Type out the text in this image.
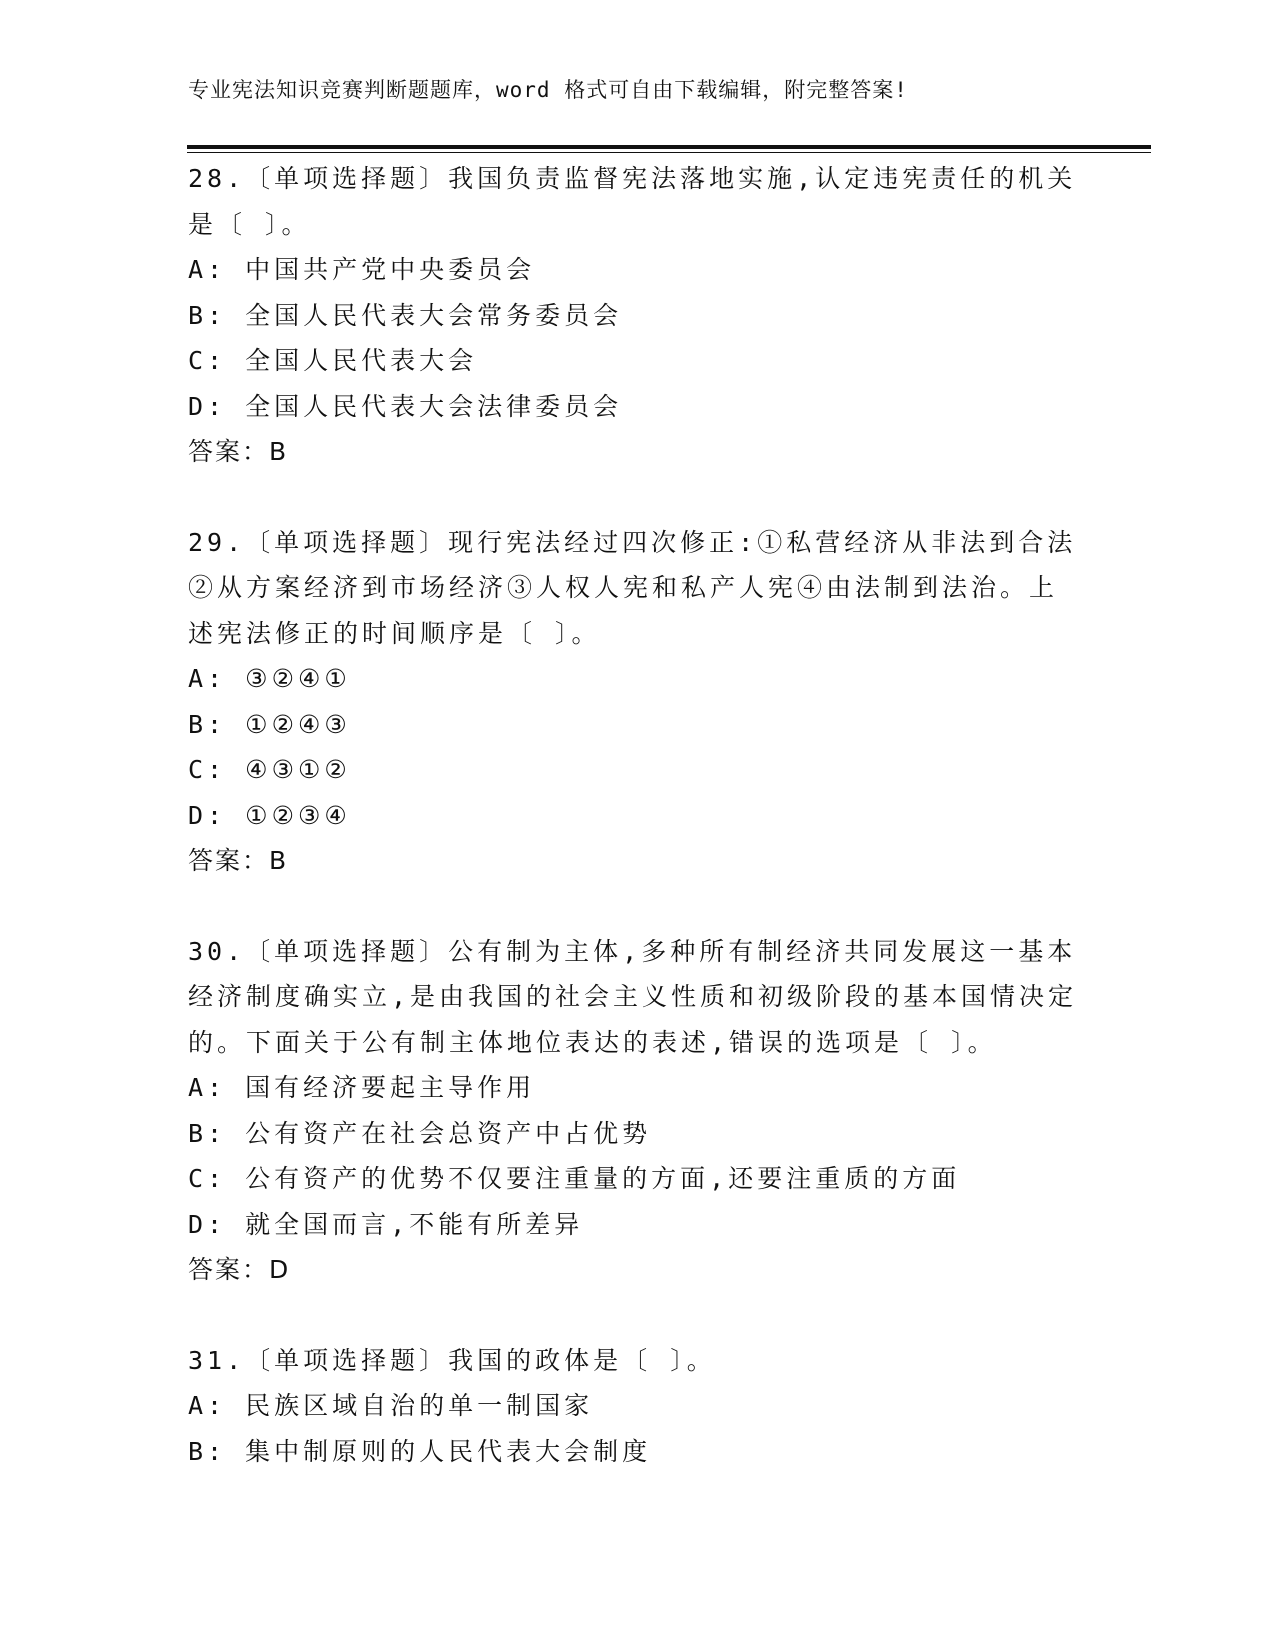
专业宪法知识竞赛判断题题库，word 格式可自由下载编辑，附完整答案!
28.〔单项选择题〕我国负责监督宪法落地实施,认定违宪责任的机关
是〔 〕。
A: 中国共产党中央委员会
B: 全国人民代表大会常务委员会
C: 全国人民代表大会
D: 全国人民代表大会法律委员会
答案：B
29.〔单项选择题〕现行宪法经过四次修正:①私营经济从非法到合法
②从方案经济到市场经济③人权人宪和私产人宪④由法制到法治。上
述宪法修正的时间顺序是〔 〕。
A: ③②④①
B: ①②④③
C: ④③①②
D: ①②③④
答案：B
30.〔单项选择题〕公有制为主体,多种所有制经济共同发展这一基本
经济制度确实立,是由我国的社会主义性质和初级阶段的基本国情决定
的。下面关于公有制主体地位表达的表述,错误的选项是〔 〕。
A: 国有经济要起主导作用
B: 公有资产在社会总资产中占优势
C: 公有资产的优势不仅要注重量的方面,还要注重质的方面
D: 就全国而言,不能有所差异
答案：D
31.〔单项选择题〕我国的政体是〔 〕。
A: 民族区域自治的单一制国家
B: 集中制原则的人民代表大会制度
